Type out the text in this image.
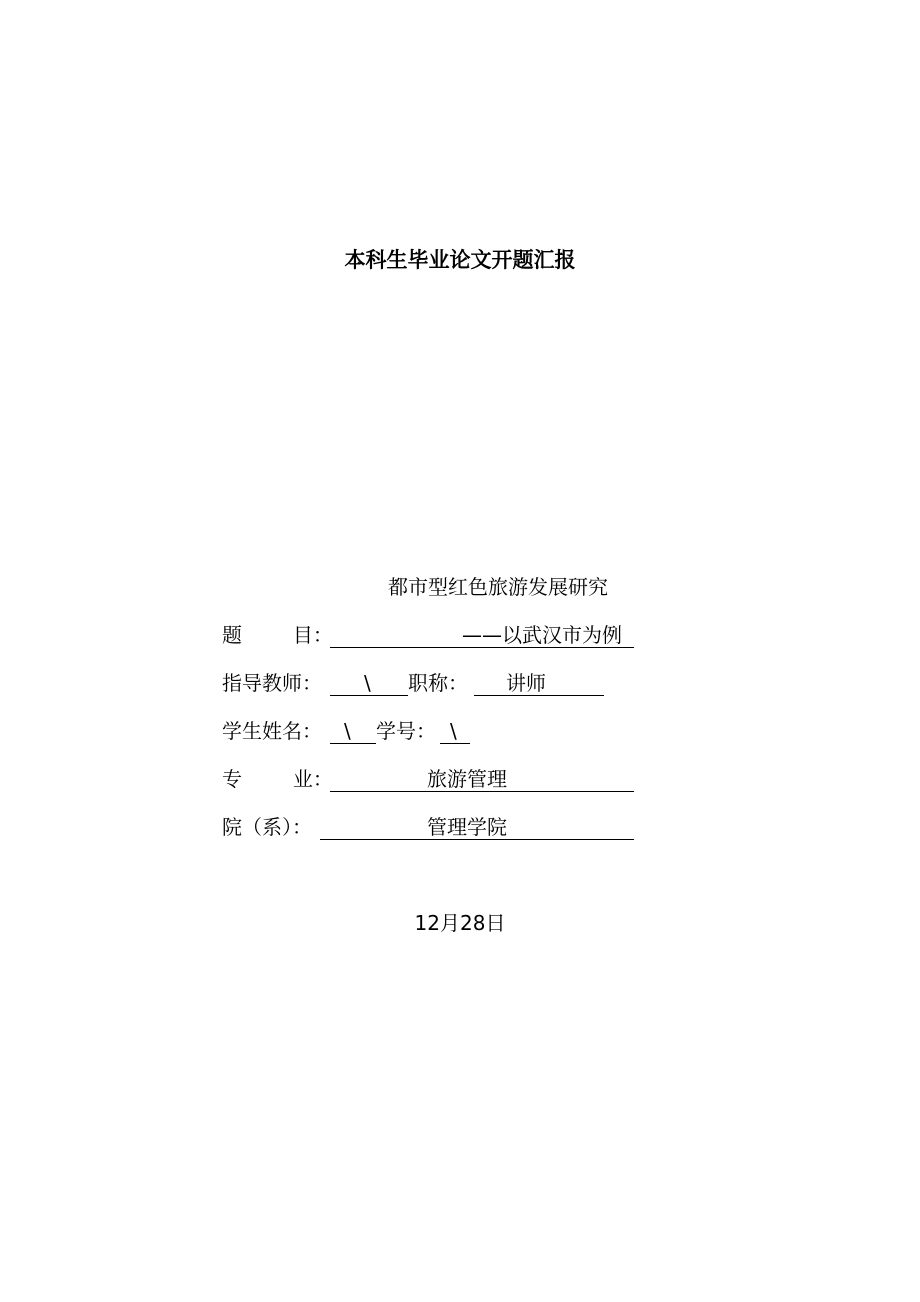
本科生毕业论文开题汇报
都市型红色旅游发展研究
题        目：	——以武汉市为例
指导教师： \ 职称： 讲师
学生姓名： \ 学号： \
专        业：	旅游管理
院（系）：	管理学院
12月28日
